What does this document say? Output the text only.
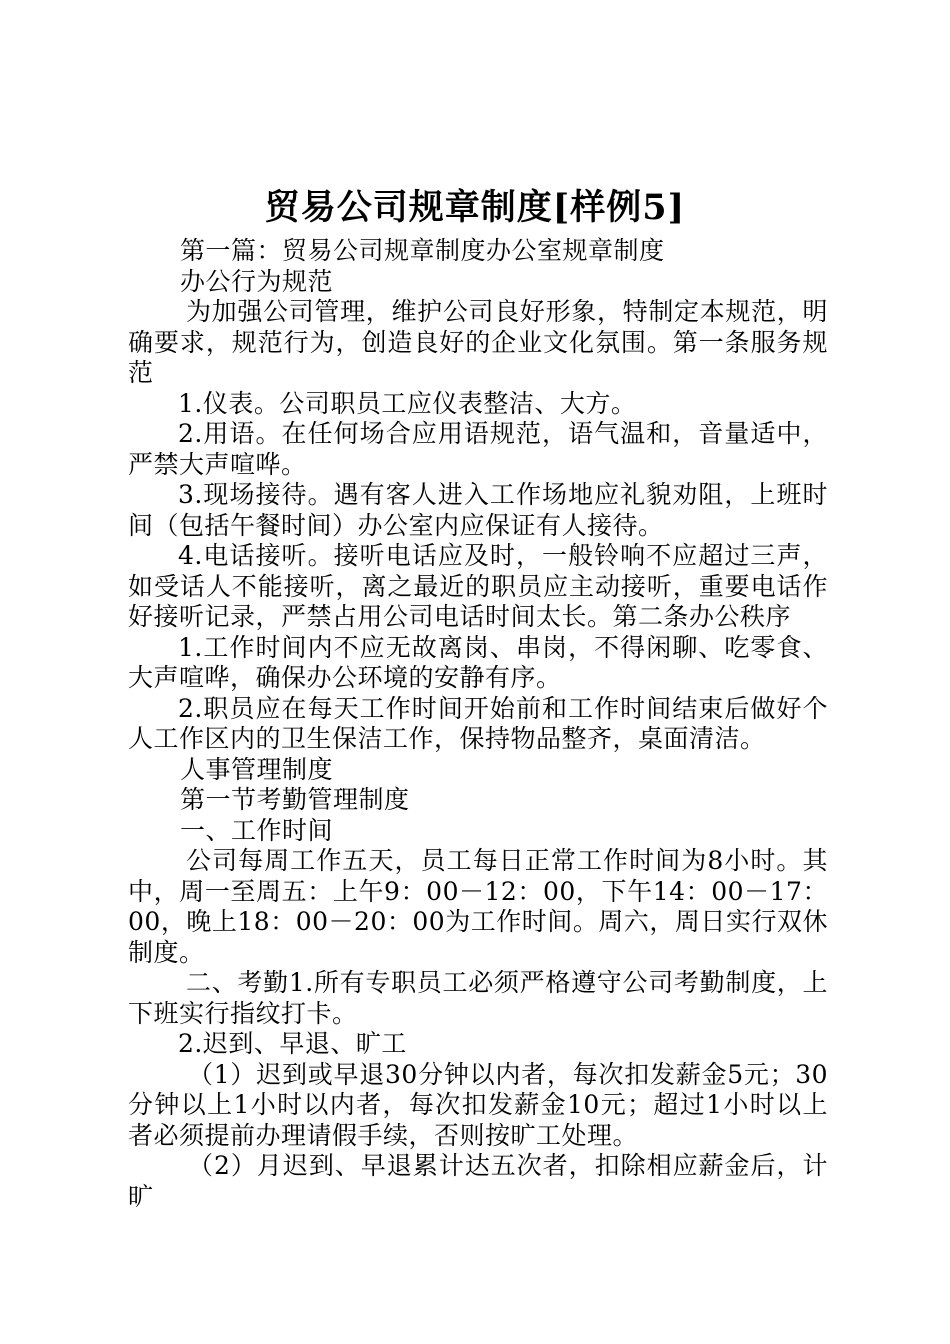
贸易公司规章制度[样例5]

第一篇：贸易公司规章制度办公室规章制度

办公行为规范

为加强公司管理，维护公司良好形象，特制定本规范，明确要求，规范行为，创造良好的企业文化氛围。第一条服务规范

1.仪表。公司职员工应仪表整洁、大方。

2.用语。在任何场合应用语规范，语气温和，音量适中，严禁大声喧哗。

3.现场接待。遇有客人进入工作场地应礼貌劝阻，上班时间（包括午餐时间）办公室内应保证有人接待。

4.电话接听。接听电话应及时，一般铃响不应超过三声，如受话人不能接听，离之最近的职员应主动接听，重要电话作好接听记录，严禁占用公司电话时间太长。第二条办公秩序

1.工作时间内不应无故离岗、串岗，不得闲聊、吃零食、大声喧哗，确保办公环境的安静有序。

2.职员应在每天工作时间开始前和工作时间结束后做好个人工作区内的卫生保洁工作，保持物品整齐，桌面清洁。

人事管理制度

第一节考勤管理制度

一、工作时间

公司每周工作五天，员工每日正常工作时间为8小时。其中，周一至周五：上午9：00－12：00，下午14：00－17：00，晚上18：00－20：00为工作时间。周六，周日实行双休制度。

二、考勤1.所有专职员工必须严格遵守公司考勤制度，上下班实行指纹打卡。

2.迟到、早退、旷工

（1）迟到或早退30分钟以内者，每次扣发薪金5元；30分钟以上1小时以内者，每次扣发薪金10元；超过1小时以上者必须提前办理请假手续，否则按旷工处理。

（2）月迟到、早退累计达五次者，扣除相应薪金后，计旷
